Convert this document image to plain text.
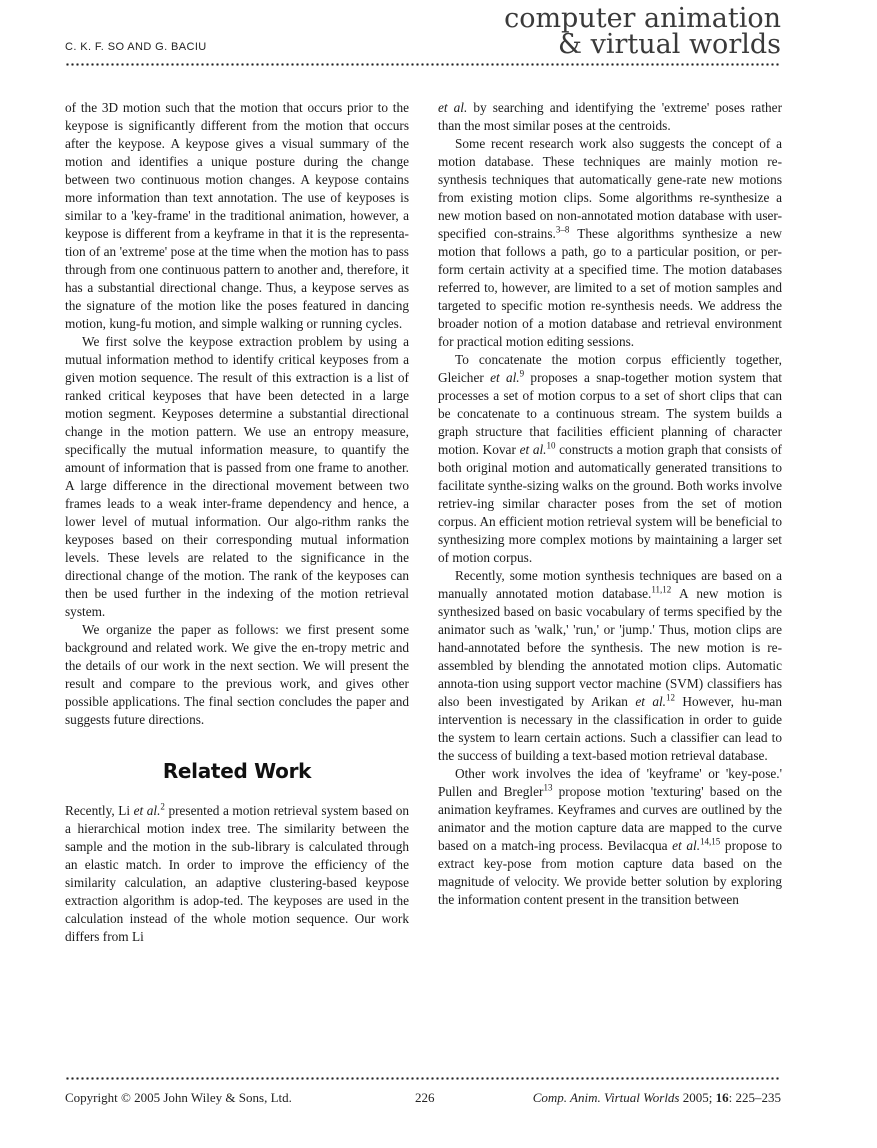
C. K. F. SO AND G. BACIU
computer animation
& virtual worlds

of the 3D motion such that the motion that occurs prior to the keypose is significantly different from the motion that occurs after the keypose. A keypose gives a visual summary of the motion and identifies a unique posture during the change between two continuous motion changes. A keypose contains more information than text annotation. The use of keyposes is similar to a 'key-frame' in the traditional animation, however, a keypose is different from a keyframe in that it is the representa-tion of an 'extreme' pose at the time when the motion has to pass through from one continuous pattern to another and, therefore, it has a substantial directional change. Thus, a keypose serves as the signature of the motion like the poses featured in dancing motion, kung-fu motion, and simple walking or running cycles.

We first solve the keypose extraction problem by using a mutual information method to identify critical keyposes from a given motion sequence. The result of this extraction is a list of ranked critical keyposes that have been detected in a large motion segment. Keyposes determine a substantial directional change in the motion pattern. We use an entropy measure, specifically the mutual information measure, to quantify the amount of information that is passed from one frame to another. A large difference in the directional movement between two frames leads to a weak inter-frame dependency and hence, a lower level of mutual information. Our algo-rithm ranks the keyposes based on their corresponding mutual information levels. These levels are related to the significance in the directional change of the motion. The rank of the keyposes can then be used further in the indexing of the motion retrieval system.

We organize the paper as follows: we first present some background and related work. We give the en-tropy metric and the details of our work in the next section. We will present the result and compare to the previous work, and gives other possible applications. The final section concludes the paper and suggests future directions.

Related Work

Recently, Li et al.$^2$ presented a motion retrieval system based on a hierarchical motion index tree. The similarity between the sample and the motion in the sub-library is calculated through an elastic match. In order to improve the efficiency of the similarity calculation, an adaptive clustering-based keypose extraction algorithm is adop-ted. The keyposes are used in the calculation instead of the whole motion sequence. Our work differs from Li

et al. by searching and identifying the 'extreme' poses rather than the most similar poses at the centroids.

Some recent research work also suggests the concept of a motion database. These techniques are mainly motion re-synthesis techniques that automatically gene-rate new motions from existing motion clips. Some algorithms re-synthesize a new motion based on non-annotated motion database with user-specified con-strains.$^{3-8}$ These algorithms synthesize a new motion that follows a path, go to a particular position, or per-form certain activity at a specified time. The motion databases referred to, however, are limited to a set of motion samples and targeted to specific motion re-synthesis needs. We address the broader notion of a motion database and retrieval environment for practical motion editing sessions.

To concatenate the motion corpus efficiently together, Gleicher et al.$^9$ proposes a snap-together motion system that processes a set of motion corpus to a set of short clips that can be concatenate to a continuous stream. The system builds a graph structure that facilities efficient planning of character motion. Kovar et al.$^{10}$ constructs a motion graph that consists of both original motion and automatically generated transitions to facilitate synthe-sizing walks on the ground. Both works involve retriev-ing similar character poses from the set of motion corpus. An efficient motion retrieval system will be beneficial to synthesizing more complex motions by maintaining a larger set of motion corpus.

Recently, some motion synthesis techniques are based on a manually annotated motion database.$^{11,12}$ A new motion is synthesized based on basic vocabulary of terms specified by the animator such as 'walk,' 'run,' or 'jump.' Thus, motion clips are hand-annotated before the synthesis. The new motion is re-assembled by blending the annotated motion clips. Automatic annota-tion using support vector machine (SVM) classifiers has also been investigated by Arikan et al.$^{12}$ However, hu-man intervention is necessary in the classification in order to guide the system to learn certain actions. Such a classifier can lead to the success of building a text-based motion retrieval database.

Other work involves the idea of 'keyframe' or 'key-pose.' Pullen and Bregler$^{13}$ propose motion 'texturing' based on the animation keyframes. Keyframes and curves are outlined by the animator and the motion capture data are mapped to the curve based on a match-ing process. Bevilacqua et al.$^{14,15}$ propose to extract key-pose from motion capture data based on the magnitude of velocity. We provide better solution by exploring the information content present in the transition between

Copyright © 2005 John Wiley & Sons, Ltd.	226	Comp. Anim. Virtual Worlds 2005; 16: 225–235
